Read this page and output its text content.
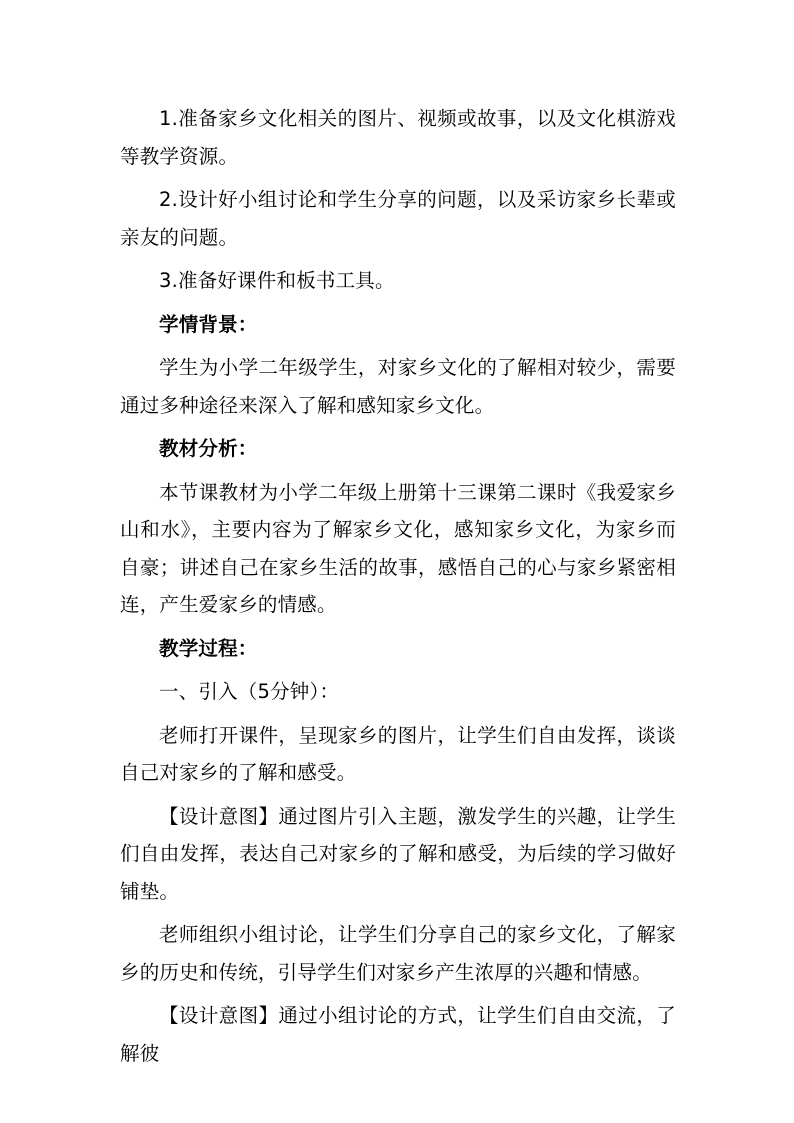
1.准备家乡文化相关的图片、视频或故事，以及文化棋游戏等教学资源。

2.设计好小组讨论和学生分享的问题，以及采访家乡长辈或亲友的问题。

3.准备好课件和板书工具。

学情背景：

学生为小学二年级学生，对家乡文化的了解相对较少，需要通过多种途径来深入了解和感知家乡文化。

教材分析：

本节课教材为小学二年级上册第十三课第二课时《我爱家乡山和水》，主要内容为了解家乡文化，感知家乡文化，为家乡而自豪；讲述自己在家乡生活的故事，感悟自己的心与家乡紧密相连，产生爱家乡的情感。

教学过程：

一、引入（5分钟）：

老师打开课件，呈现家乡的图片，让学生们自由发挥，谈谈自己对家乡的了解和感受。

【设计意图】通过图片引入主题，激发学生的兴趣，让学生们自由发挥，表达自己对家乡的了解和感受，为后续的学习做好铺垫。

老师组织小组讨论，让学生们分享自己的家乡文化，了解家乡的历史和传统，引导学生们对家乡产生浓厚的兴趣和情感。

【设计意图】通过小组讨论的方式，让学生们自由交流，了解彼
